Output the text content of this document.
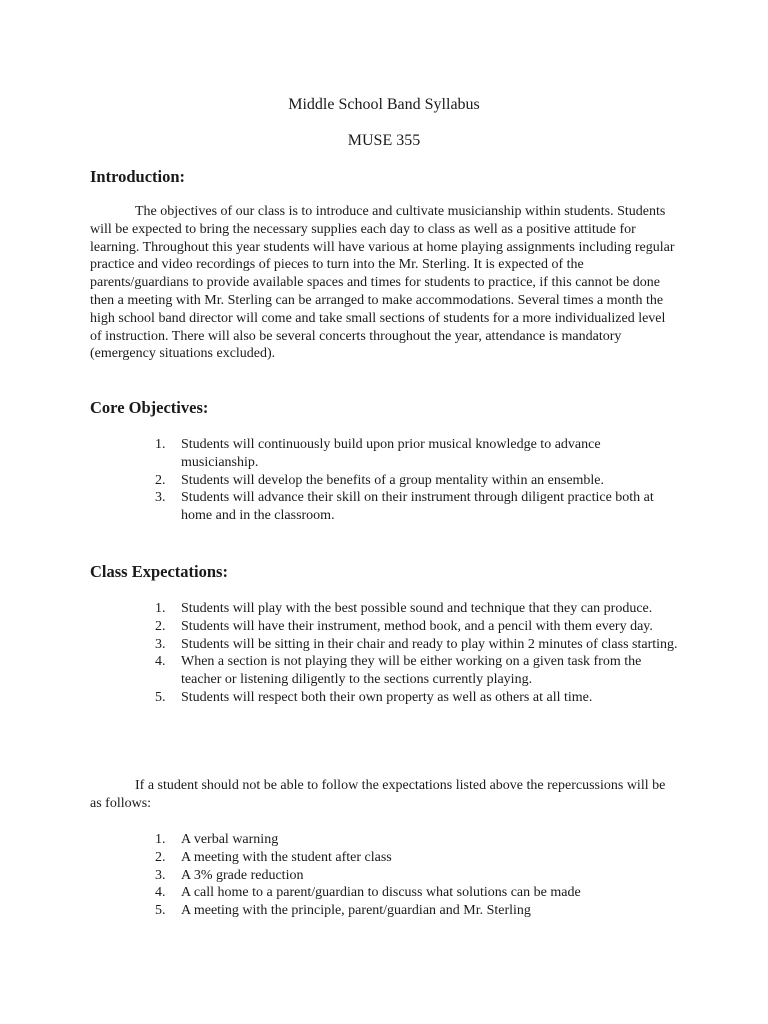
Middle School Band Syllabus
MUSE 355
Introduction:

The objectives of our class is to introduce and cultivate musicianship within students. Students will be expected to bring the necessary supplies each day to class as well as a positive attitude for learning. Throughout this year students will have various at home playing assignments including regular practice and video recordings of pieces to turn into the Mr. Sterling. It is expected of the parents/guardians to provide available spaces and times for students to practice, if this cannot be done then a meeting with Mr. Sterling can be arranged to make accommodations. Several times a month the high school band director will come and take small sections of students for a more individualized level of instruction. There will also be several concerts throughout the year, attendance is mandatory (emergency situations excluded).

Core Objectives:
1. Students will continuously build upon prior musical knowledge to advance musicianship.
2. Students will develop the benefits of a group mentality within an ensemble.
3. Students will advance their skill on their instrument through diligent practice both at home and in the classroom.
Class Expectations:
1. Students will play with the best possible sound and technique that they can produce.
2. Students will have their instrument, method book, and a pencil with them every day.
3. Students will be sitting in their chair and ready to play within 2 minutes of class starting.
4. When a section is not playing they will be either working on a given task from the teacher or listening diligently to the sections currently playing.
5. Students will respect both their own property as well as others at all time.

If a student should not be able to follow the expectations listed above the repercussions will be as follows:

1. A verbal warning
2. A meeting with the student after class
3. A 3% grade reduction
4. A call home to a parent/guardian to discuss what solutions can be made
5. A meeting with the principle, parent/guardian and Mr. Sterling
